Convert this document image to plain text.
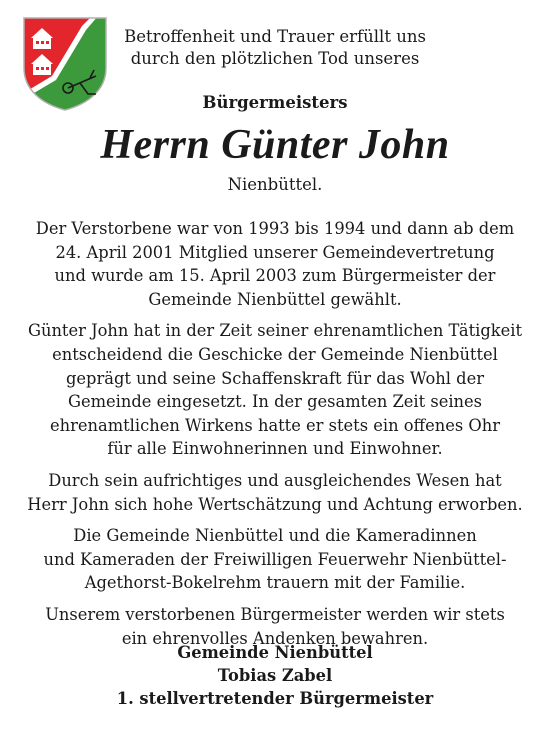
Betroffenheit und Trauer erfüllt uns
durch den plötzlichen Tod unseres
Bürgermeisters
Herrn Günter John
Nienbüttel.
Der Verstorbene war von 1993 bis 1994 und dann ab dem
24. April 2001 Mitglied unserer Gemeindevertretung
und wurde am 15. April 2003 zum Bürgermeister der
Gemeinde Nienbüttel gewählt.
Günter John hat in der Zeit seiner ehrenamtlichen Tätigkeit
entscheidend die Geschicke der Gemeinde Nienbüttel
geprägt und seine Schaffenskraft für das Wohl der
Gemeinde eingesetzt. In der gesamten Zeit seines
ehrenamtlichen Wirkens hatte er stets ein offenes Ohr
für alle Einwohnerinnen und Einwohner.
Durch sein aufrichtiges und ausgleichendes Wesen hat
Herr John sich hohe Wertschätzung und Achtung erworben.
Die Gemeinde Nienbüttel und die Kameradinnen
und Kameraden der Freiwilligen Feuerwehr Nienbüttel-
Agethorst-Bokelrehm trauern mit der Familie.
Unserem verstorbenen Bürgermeister werden wir stets
ein ehrenvolles Andenken bewahren.
Gemeinde Nienbüttel
Tobias Zabel
1. stellvertretender Bürgermeister
